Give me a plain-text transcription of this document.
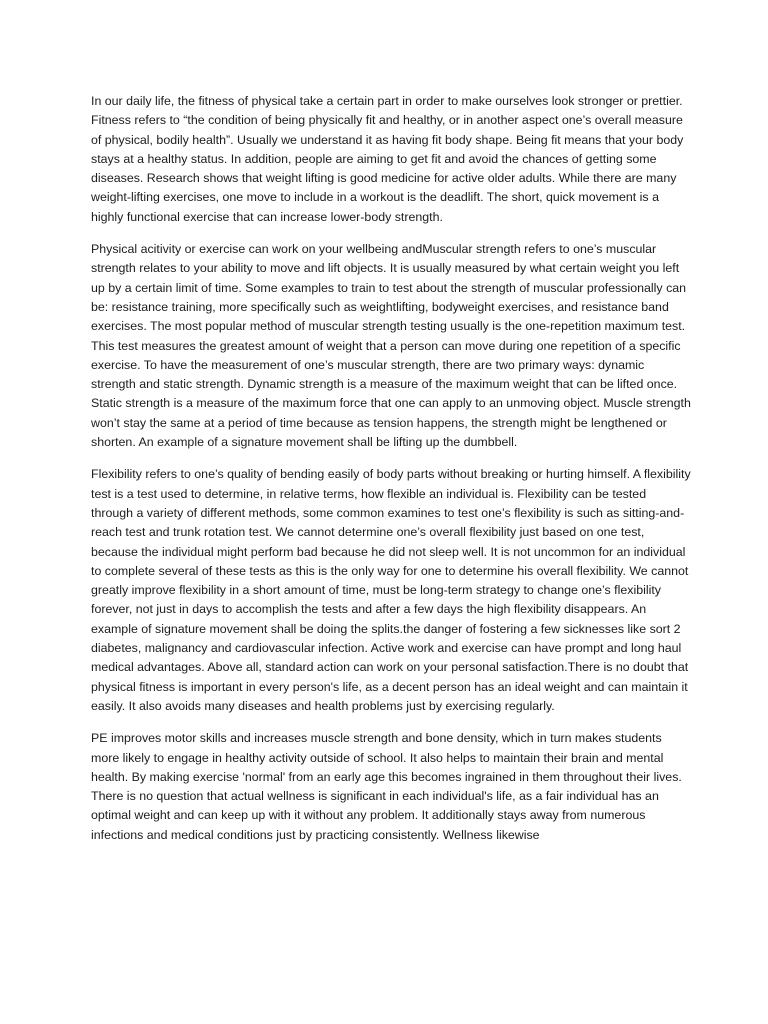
In our daily life, the fitness of physical take a certain part in order to make ourselves look stronger or prettier. Fitness refers to “the condition of being physically fit and healthy, or in another aspect one’s overall measure of physical, bodily health”. Usually we understand it as having fit body shape. Being fit means that your body stays at a healthy status. In addition, people are aiming to get fit and avoid the chances of getting some diseases. Research shows that weight lifting is good medicine for active older adults. While there are many weight-lifting exercises, one move to include in a workout is the deadlift. The short, quick movement is a highly functional exercise that can increase lower-body strength.

Physical acitivity or exercise can work on your wellbeing andMuscular strength refers to one’s muscular strength relates to your ability to move and lift objects. It is usually measured by what certain weight you left up by a certain limit of time. Some examples to train to test about the strength of muscular professionally can be: resistance training, more specifically such as weightlifting, bodyweight exercises, and resistance band exercises. The most popular method of muscular strength testing usually is the one-repetition maximum test. This test measures the greatest amount of weight that a person can move during one repetition of a specific exercise. To have the measurement of one’s muscular strength, there are two primary ways: dynamic strength and static strength. Dynamic strength is a measure of the maximum weight that can be lifted once. Static strength is a measure of the maximum force that one can apply to an unmoving object. Muscle strength won’t stay the same at a period of time because as tension happens, the strength might be lengthened or shorten. An example of a signature movement shall be lifting up the dumbbell.

Flexibility refers to one’s quality of bending easily of body parts without breaking or hurting himself. A flexibility test is a test used to determine, in relative terms, how flexible an individual is. Flexibility can be tested through a variety of different methods, some common examines to test one’s flexibility is such as sitting-and-reach test and trunk rotation test. We cannot determine one’s overall flexibility just based on one test, because the individual might perform bad because he did not sleep well. It is not uncommon for an individual to complete several of these tests as this is the only way for one to determine his overall flexibility. We cannot greatly improve flexibility in a short amount of time, must be long-term strategy to change one’s flexibility forever, not just in days to accomplish the tests and after a few days the high flexibility disappears. An example of signature movement shall be doing the splits.the danger of fostering a few sicknesses like sort 2 diabetes, malignancy and cardiovascular infection. Active work and exercise can have prompt and long haul medical advantages. Above all, standard action can work on your personal satisfaction.There is no doubt that physical fitness is important in every person's life, as a decent person has an ideal weight and can maintain it easily. It also avoids many diseases and health problems just by exercising regularly.

PE improves motor skills and increases muscle strength and bone density, which in turn makes students more likely to engage in healthy activity outside of school. It also helps to maintain their brain and mental health. By making exercise 'normal' from an early age this becomes ingrained in them throughout their lives. There is no question that actual wellness is significant in each individual's life, as a fair individual has an optimal weight and can keep up with it without any problem. It additionally stays away from numerous infections and medical conditions just by practicing consistently. Wellness likewise
